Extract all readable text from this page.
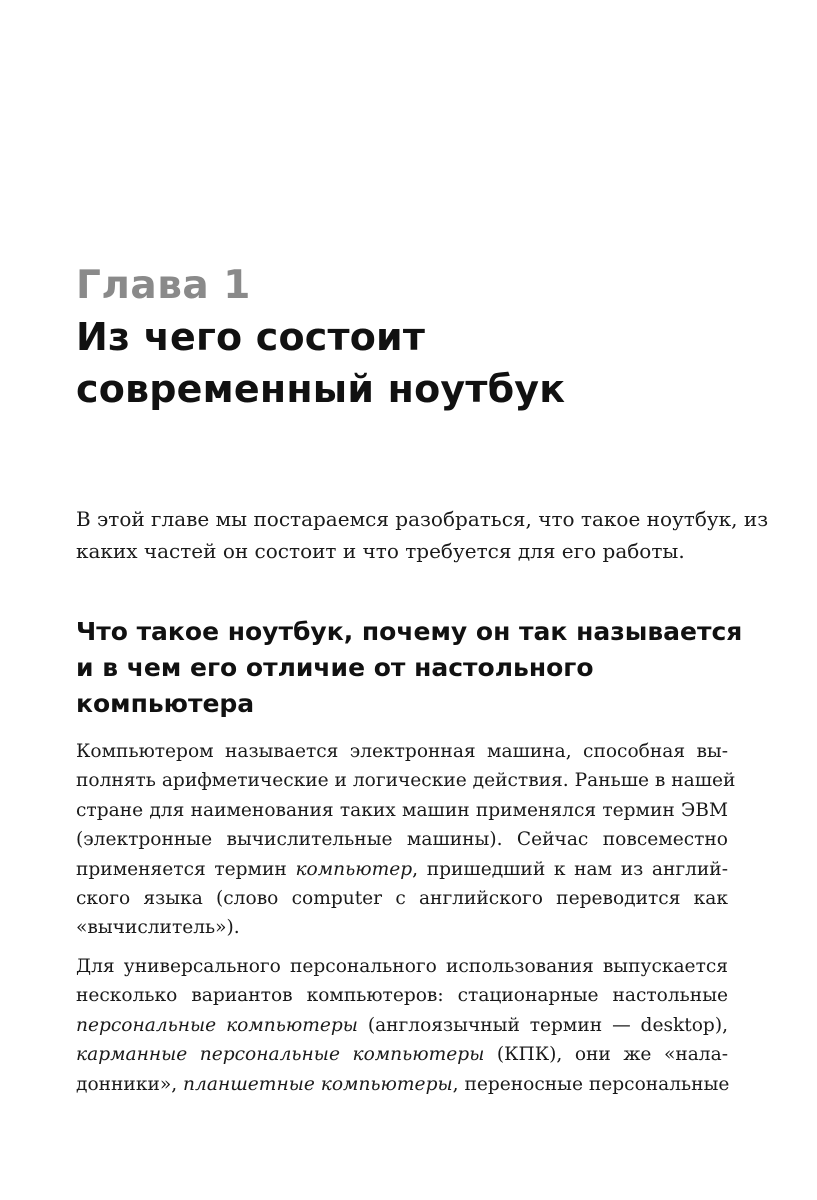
Глава 1
Из чего состоит
современный ноутбук

В этой главе мы постараемся разобраться, что такое ноутбук, из
каких частей он состоит и что требуется для его работы.

Что такое ноутбук, почему он так называется
и в чем его отличие от настольного
компьютера

Компьютером называется электронная машина, способная вы-
полнять арифметические и логические действия. Раньше в нашей
стране для наименования таких машин применялся термин ЭВМ
(электронные вычислительные машины). Сейчас повсеместно
применяется термин компьютер, пришедший к нам из англий-
ского языка (слово computer с английского переводится как
«вычислитель»).

Для универсального персонального использования выпускается
несколько вариантов компьютеров: стационарные настольные
персональные компьютеры (англоязычный термин — desktop),
карманные персональные компьютеры (КПК), они же «нала-
донники», планшетные компьютеры, переносные персональные
